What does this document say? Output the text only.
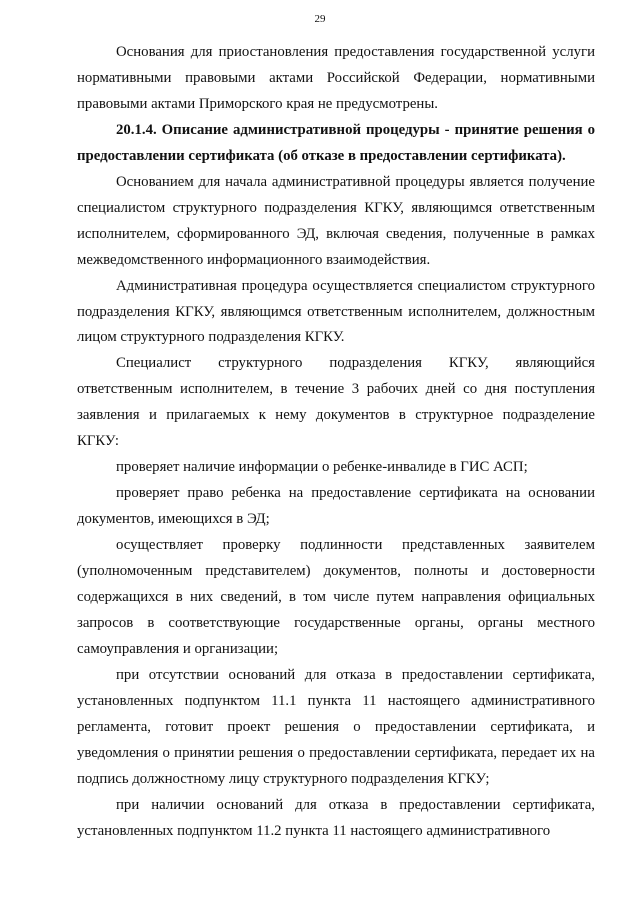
29

Основания для приостановления предоставления государственной услуги нормативными правовыми актами Российской Федерации, нормативными правовыми актами Приморского края не предусмотрены.

20.1.4. Описание административной процедуры - принятие решения о предоставлении сертификата (об отказе в предоставлении сертификата).

Основанием для начала административной процедуры является получение специалистом структурного подразделения КГКУ, являющимся ответственным исполнителем, сформированного ЭД, включая сведения, полученные в рамках межведомственного информационного взаимодействия.

Административная процедура осуществляется специалистом структурного подразделения КГКУ, являющимся ответственным исполнителем, должностным лицом структурного подразделения КГКУ.

Специалист структурного подразделения КГКУ, являющийся ответственным исполнителем, в течение 3 рабочих дней со дня поступления заявления и прилагаемых к нему документов в структурное подразделение КГКУ:

проверяет наличие информации о ребенке-инвалиде в ГИС АСП;

проверяет право ребенка на предоставление сертификата на основании документов, имеющихся в ЭД;

осуществляет проверку подлинности представленных заявителем (уполномоченным представителем) документов, полноты и достоверности содержащихся в них сведений, в том числе путем направления официальных запросов в соответствующие государственные органы, органы местного самоуправления и организации;

при отсутствии оснований для отказа в предоставлении сертификата, установленных подпунктом 11.1 пункта 11 настоящего административного регламента, готовит проект решения о предоставлении сертификата, и уведомления о принятии решения о предоставлении сертификата, передает их на подпись должностному лицу структурного подразделения КГКУ;

при наличии оснований для отказа в предоставлении сертификата, установленных подпунктом 11.2 пункта 11 настоящего административного
